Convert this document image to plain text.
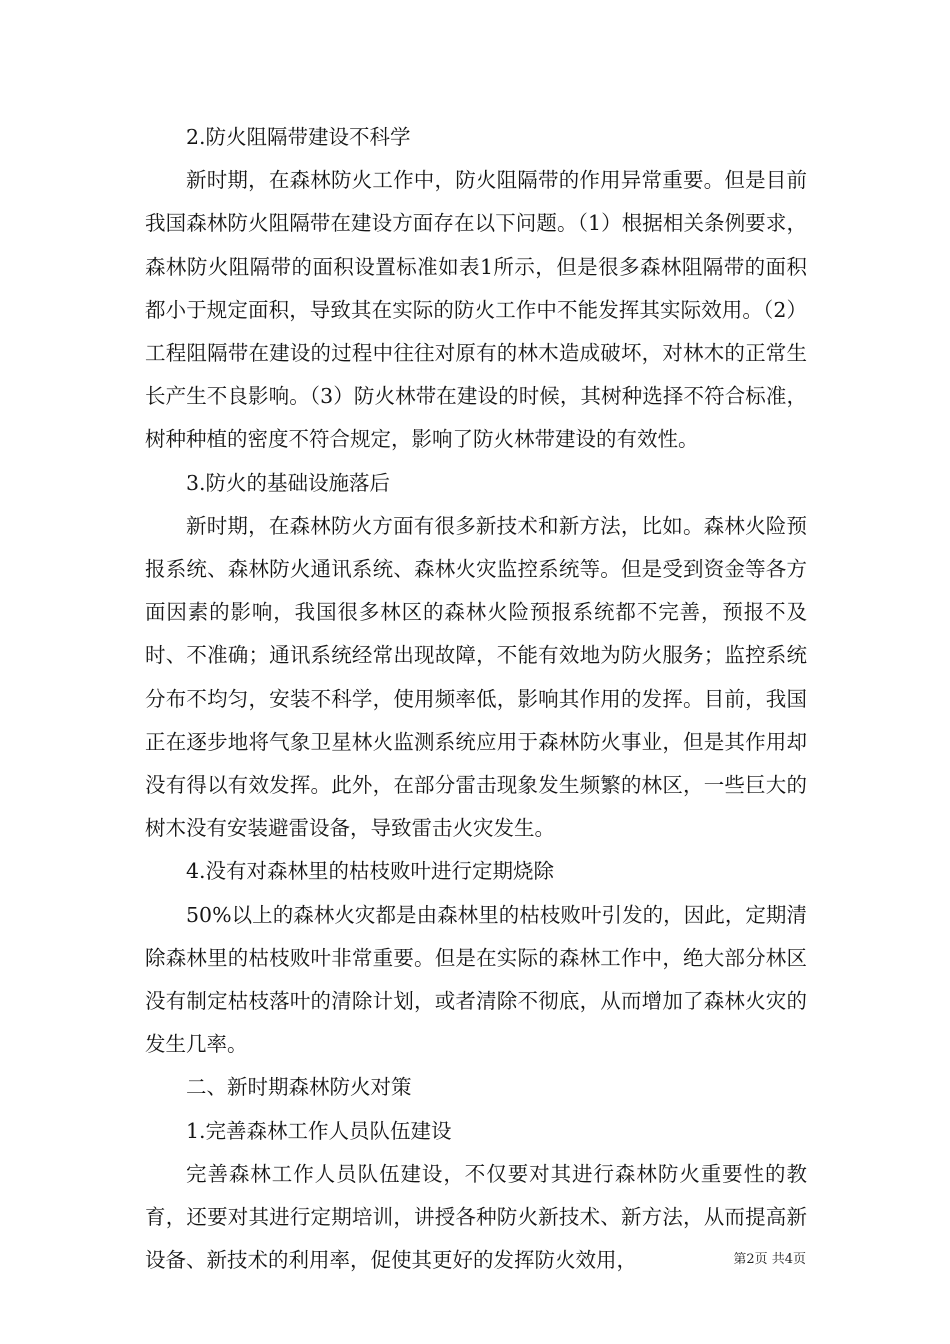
2.防火阻隔带建设不科学

新时期，在森林防火工作中，防火阻隔带的作用异常重要。但是目前我国森林防火阻隔带在建设方面存在以下问题。（1）根据相关条例要求，森林防火阻隔带的面积设置标准如表1所示，但是很多森林阻隔带的面积都小于规定面积，导致其在实际的防火工作中不能发挥其实际效用。（2）工程阻隔带在建设的过程中往往对原有的林木造成破坏，对林木的正常生长产生不良影响。（3）防火林带在建设的时候，其树种选择不符合标准，树种种植的密度不符合规定，影响了防火林带建设的有效性。

3.防火的基础设施落后

新时期，在森林防火方面有很多新技术和新方法，比如。森林火险预报系统、森林防火通讯系统、森林火灾监控系统等。但是受到资金等各方面因素的影响，我国很多林区的森林火险预报系统都不完善，预报不及时、不准确；通讯系统经常出现故障，不能有效地为防火服务；监控系统分布不均匀，安装不科学，使用频率低，影响其作用的发挥。目前，我国正在逐步地将气象卫星林火监测系统应用于森林防火事业，但是其作用却没有得以有效发挥。此外，在部分雷击现象发生频繁的林区，一些巨大的树木没有安装避雷设备，导致雷击火灾发生。

4.没有对森林里的枯枝败叶进行定期烧除

50%以上的森林火灾都是由森林里的枯枝败叶引发的，因此，定期清除森林里的枯枝败叶非常重要。但是在实际的森林工作中，绝大部分林区没有制定枯枝落叶的清除计划，或者清除不彻底，从而增加了森林火灾的发生几率。

二、新时期森林防火对策

1.完善森林工作人员队伍建设

完善森林工作人员队伍建设，不仅要对其进行森林防火重要性的教育，还要对其进行定期培训，讲授各种防火新技术、新方法，从而提高新设备、新技术的利用率，促使其更好的发挥防火效用，	第2页 共4页
